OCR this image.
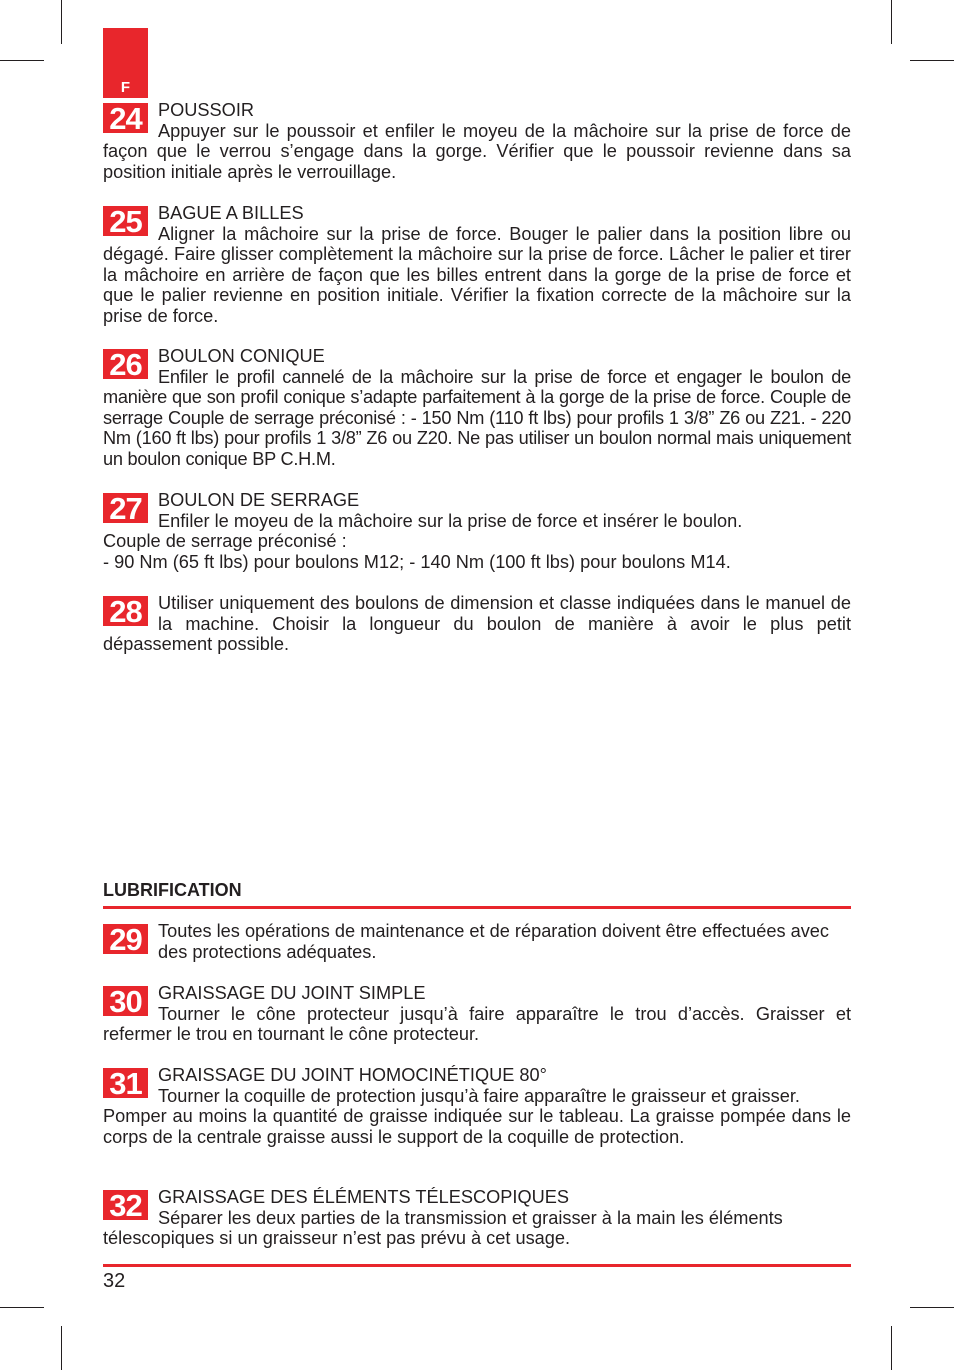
F
24 POUSSOIR

Appuyer sur le poussoir et enfiler le moyeu de la mâchoire sur la prise de force de façon que le verrou s’engage dans la gorge. Vérifier que le poussoir revienne dans sa position initiale après le verrouillage.

25 BAGUE A BILLES

Aligner la mâchoire sur la prise de force. Bouger le palier dans la position libre ou dégagé. Faire glisser complètement la mâchoire sur la prise de force. Lâcher le palier et tirer la mâchoire en arrière de façon que les billes entrent dans la gorge de la prise de force et que le palier revienne en position initiale. Vérifier la fixation correcte de la mâchoire sur la prise de force.

26 BOULON CONIQUE

Enfiler le profil cannelé de la mâchoire sur la prise de force et engager le boulon de manière que son profil conique s’adapte parfaitement à la gorge de la prise de force. Couple de serrage Couple de serrage préconisé : - 150 Nm (110 ft lbs) pour profils 1 3/8” Z6 ou Z21. - 220 Nm (160 ft lbs) pour profils 1 3/8” Z6 ou Z20. Ne pas utiliser un boulon normal mais uniquement un boulon conique BP C.H.M.

27 BOULON DE SERRAGE

Enfiler le moyeu de la mâchoire sur la prise de force et insérer le boulon.

Couple de serrage préconisé :

- 90 Nm (65 ft lbs) pour boulons M12; - 140 Nm (100 ft lbs) pour boulons M14.

28 Utiliser uniquement des boulons de dimension et classe indiquées dans le manuel de la machine. Choisir la longueur du boulon de manière à avoir le plus petit dépassement possible.

LUBRIFICATION
29 Toutes les opérations de maintenance et de réparation doivent être effectuées avec des protections adéquates.

30 GRAISSAGE DU JOINT SIMPLE

Tourner le cône protecteur jusqu’à faire apparaître le trou d’accès. Graisser et refermer le trou en tournant le cône protecteur.

31 GRAISSAGE DU JOINT HOMOCINÉTIQUE 80°

Tourner la coquille de protection jusqu’à faire apparaître le graisseur et graisser.

Pomper au moins la quantité de graisse indiquée sur le tableau. La graisse pompée dans le corps de la centrale graisse aussi le support de la coquille de protection.

32 GRAISSAGE DES ÉLÉMENTS TÉLESCOPIQUES

Séparer les deux parties de la transmission et graisser à la main les éléments télescopiques si un graisseur n’est pas prévu à cet usage.

32
